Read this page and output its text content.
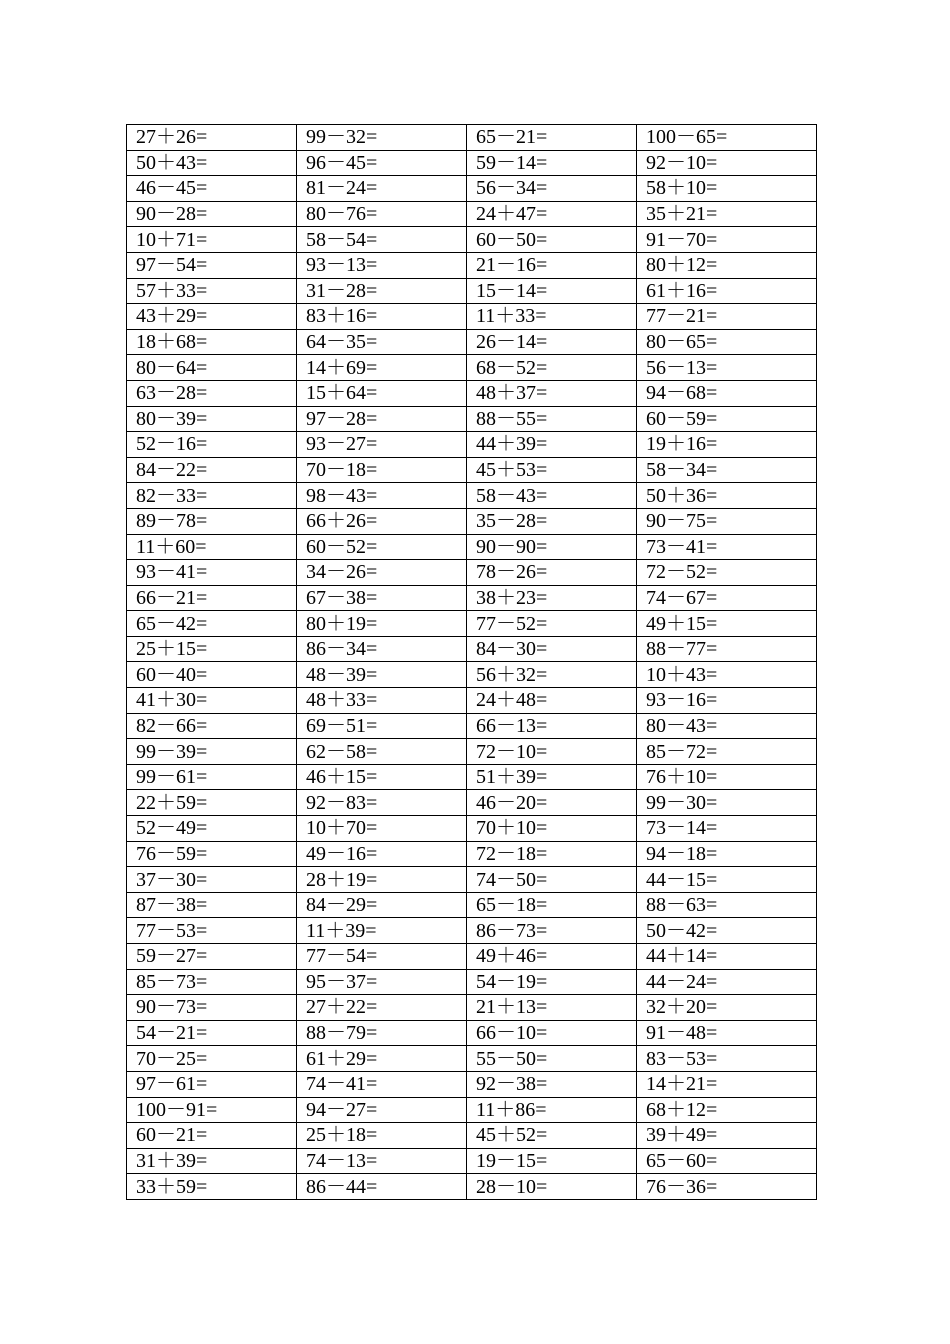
27＋26=	99－32=	65－21=	100－65=
50＋43=	96－45=	59－14=	92－10=
46－45=	81－24=	56－34=	58＋10=
90－28=	80－76=	24＋47=	35＋21=
10＋71=	58－54=	60－50=	91－70=
97－54=	93－13=	21－16=	80＋12=
57＋33=	31－28=	15－14=	61＋16=
43＋29=	83＋16=	11＋33=	77－21=
18＋68=	64－35=	26－14=	80－65=
80－64=	14＋69=	68－52=	56－13=
63－28=	15＋64=	48＋37=	94－68=
80－39=	97－28=	88－55=	60－59=
52－16=	93－27=	44＋39=	19＋16=
84－22=	70－18=	45＋53=	58－34=
82－33=	98－43=	58－43=	50＋36=
89－78=	66＋26=	35－28=	90－75=
11＋60=	60－52=	90－90=	73－41=
93－41=	34－26=	78－26=	72－52=
66－21=	67－38=	38＋23=	74－67=
65－42=	80＋19=	77－52=	49＋15=
25＋15=	86－34=	84－30=	88－77=
60－40=	48－39=	56＋32=	10＋43=
41＋30=	48＋33=	24＋48=	93－16=
82－66=	69－51=	66－13=	80－43=
99－39=	62－58=	72－10=	85－72=
99－61=	46＋15=	51＋39=	76＋10=
22＋59=	92－83=	46－20=	99－30=
52－49=	10＋70=	70＋10=	73－14=
76－59=	49－16=	72－18=	94－18=
37－30=	28＋19=	74－50=	44－15=
87－38=	84－29=	65－18=	88－63=
77－53=	11＋39=	86－73=	50－42=
59－27=	77－54=	49＋46=	44＋14=
85－73=	95－37=	54－19=	44－24=
90－73=	27＋22=	21＋13=	32＋20=
54－21=	88－79=	66－10=	91－48=
70－25=	61＋29=	55－50=	83－53=
97－61=	74－41=	92－38=	14＋21=
100－91=	94－27=	11＋86=	68＋12=
60－21=	25＋18=	45＋52=	39＋49=
31＋39=	74－13=	19－15=	65－60=
33＋59=	86－44=	28－10=	76－36=
